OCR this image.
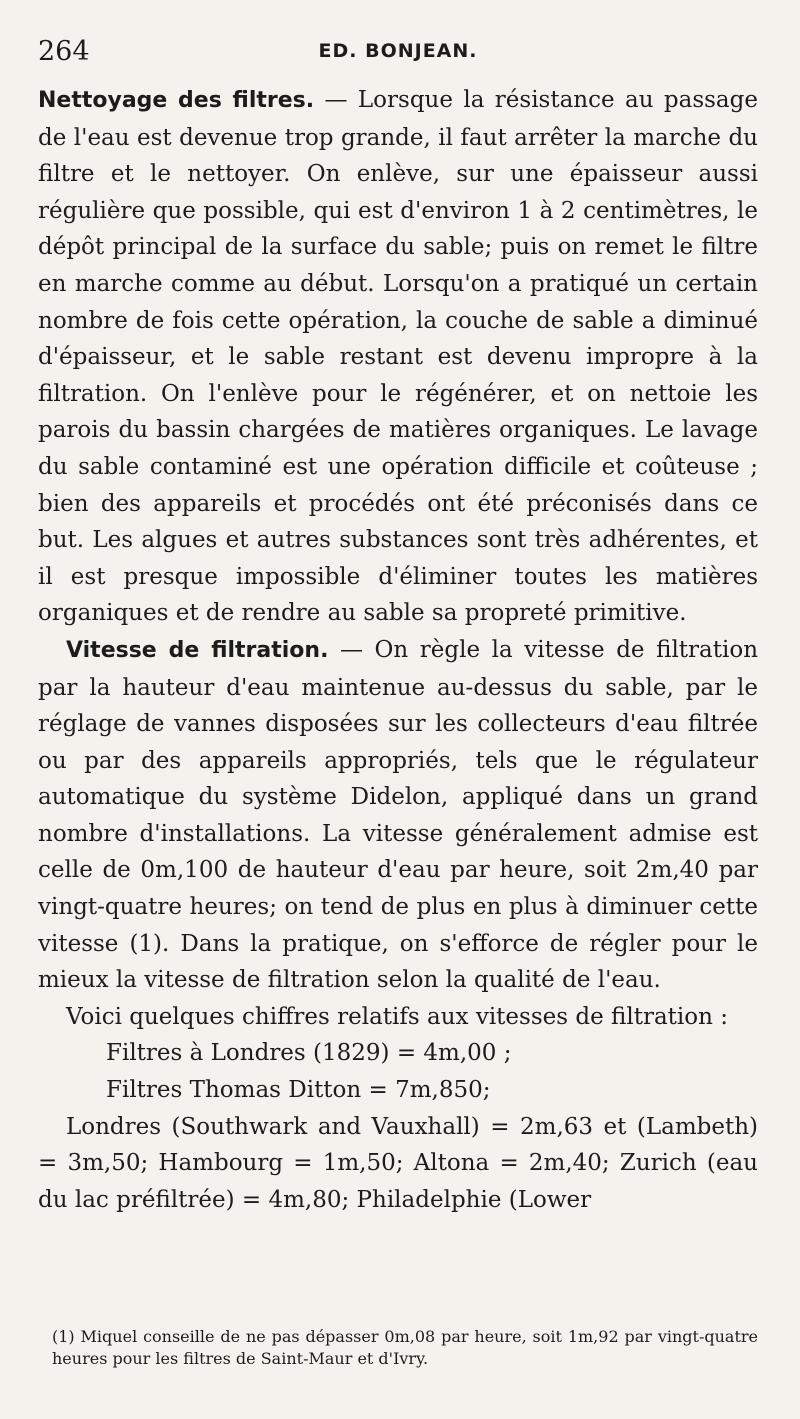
264	ED. BONJEAN.

Nettoyage des filtres. — Lorsque la résistance au passage de l'eau est devenue trop grande, il faut arrêter la marche du filtre et le nettoyer. On enlève, sur une épaisseur aussi régulière que possible, qui est d'environ 1 à 2 centimètres, le dépôt principal de la surface du sable; puis on remet le filtre en marche comme au début. Lorsqu'on a pratiqué un certain nombre de fois cette opération, la couche de sable a diminué d'épaisseur, et le sable restant est devenu impropre à la filtration. On l'enlève pour le régénérer, et on nettoie les parois du bassin chargées de matières organiques. Le lavage du sable contaminé est une opération difficile et coûteuse ; bien des appareils et procédés ont été préconisés dans ce but. Les algues et autres substances sont très adhérentes, et il est presque impossible d'éliminer toutes les matières organiques et de rendre au sable sa propreté primitive.

Vitesse de filtration. — On règle la vitesse de filtration par la hauteur d'eau maintenue au-dessus du sable, par le réglage de vannes disposées sur les collecteurs d'eau filtrée ou par des appareils appropriés, tels que le régulateur automatique du système Didelon, appliqué dans un grand nombre d'installations. La vitesse généralement admise est celle de 0m,100 de hauteur d'eau par heure, soit 2m,40 par vingt-quatre heures; on tend de plus en plus à diminuer cette vitesse (1). Dans la pratique, on s'efforce de régler pour le mieux la vitesse de filtration selon la qualité de l'eau.

Voici quelques chiffres relatifs aux vitesses de filtration :

Filtres à Londres (1829) = 4m,00 ;

Filtres Thomas Ditton = 7m,850;

Londres (Southwark and Vauxhall) = 2m,63 et (Lambeth) = 3m,50; Hambourg = 1m,50; Altona = 2m,40; Zurich (eau du lac préfiltrée) = 4m,80; Philadelphie (Lower

(1) Miquel conseille de ne pas dépasser 0m,08 par heure, soit 1m,92 par vingt-quatre heures pour les filtres de Saint-Maur et d'Ivry.
